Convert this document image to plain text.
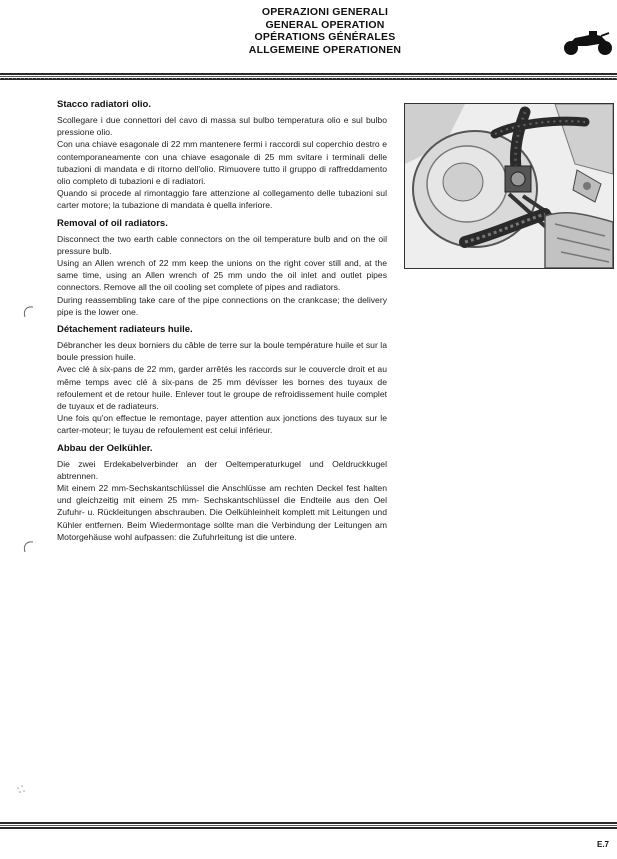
OPERAZIONI GENERALI
GENERAL OPERATION
OPÉRATIONS GÉNÉRALES
ALLGEMEINE OPERATIONEN
Stacco radiatori olio.

Scollegare i due connettori del cavo di massa sul bulbo temperatura olio e sul bulbo pressione olio.

Con una chiave esagonale di 22 mm mantenere fermi i raccordi sul coperchio destro e contemporaneamente con una chiave esagonale di 25 mm svitare i terminali delle tubazioni di mandata e di ritorno dell'olio. Rimuovere tutto il gruppo di raffreddamento olio completo di tubazioni e di radiatori.

Quando si procede al rimontaggio fare attenzione al collegamento delle tubazioni sul carter motore; la tubazione di mandata è quella inferiore.

Removal of oil radiators.

Disconnect the two earth cable connectors on the oil temperature bulb and on the oil pressure bulb.

Using an Allen wrench of 22 mm keep the unions on the right cover still and, at the same time, using an Allen wrench of 25 mm undo the oil inlet and outlet pipes connectors. Remove all the oil cooling set complete of pipes and radiators.

During reassembling take care of the pipe connections on the crankcase; the delivery pipe is the lower one.

Détachement radiateurs huile.

Débrancher les deux borniers du câble de terre sur la boule température huile et sur la boule pression huile.

Avec clé à six-pans de 22 mm, garder arrêtés les raccords sur le couvercle droit et au même temps avec clé à six-pans de 25 mm dévisser les bornes des tuyaux de refoulement et de retour huile. Enlever tout le groupe de refroidissement huile complet de tuyaux et de radiateurs.

Une fois qu'on effectue le remontage, payer attention aux jonctions des tuyaux sur le carter-moteur; le tuyau de refoulement est celui inférieur.

Abbau der Oelkühler.

Die zwei Erdekabelverbinder an der Oeltemperaturkugel und Oeldruckkugel abtrennen.

Mit einem 22 mm-Sechskantschlüssel die Anschlüsse am rechten Deckel fest halten und gleichzeitig mit einem 25 mm- Sechskantschlüssel die Endteile aus den Oel Zufuhr- u. Rückleitungen abschrauben. Die Oelkühleinheit komplett mit Leitungen und Kühler entfernen. Beim Wiedermontage sollte man die Verbindung der Leitungen am Motorgehäuse wohl aufpassen: die Zufuhrleitung ist die untere.

E.7
